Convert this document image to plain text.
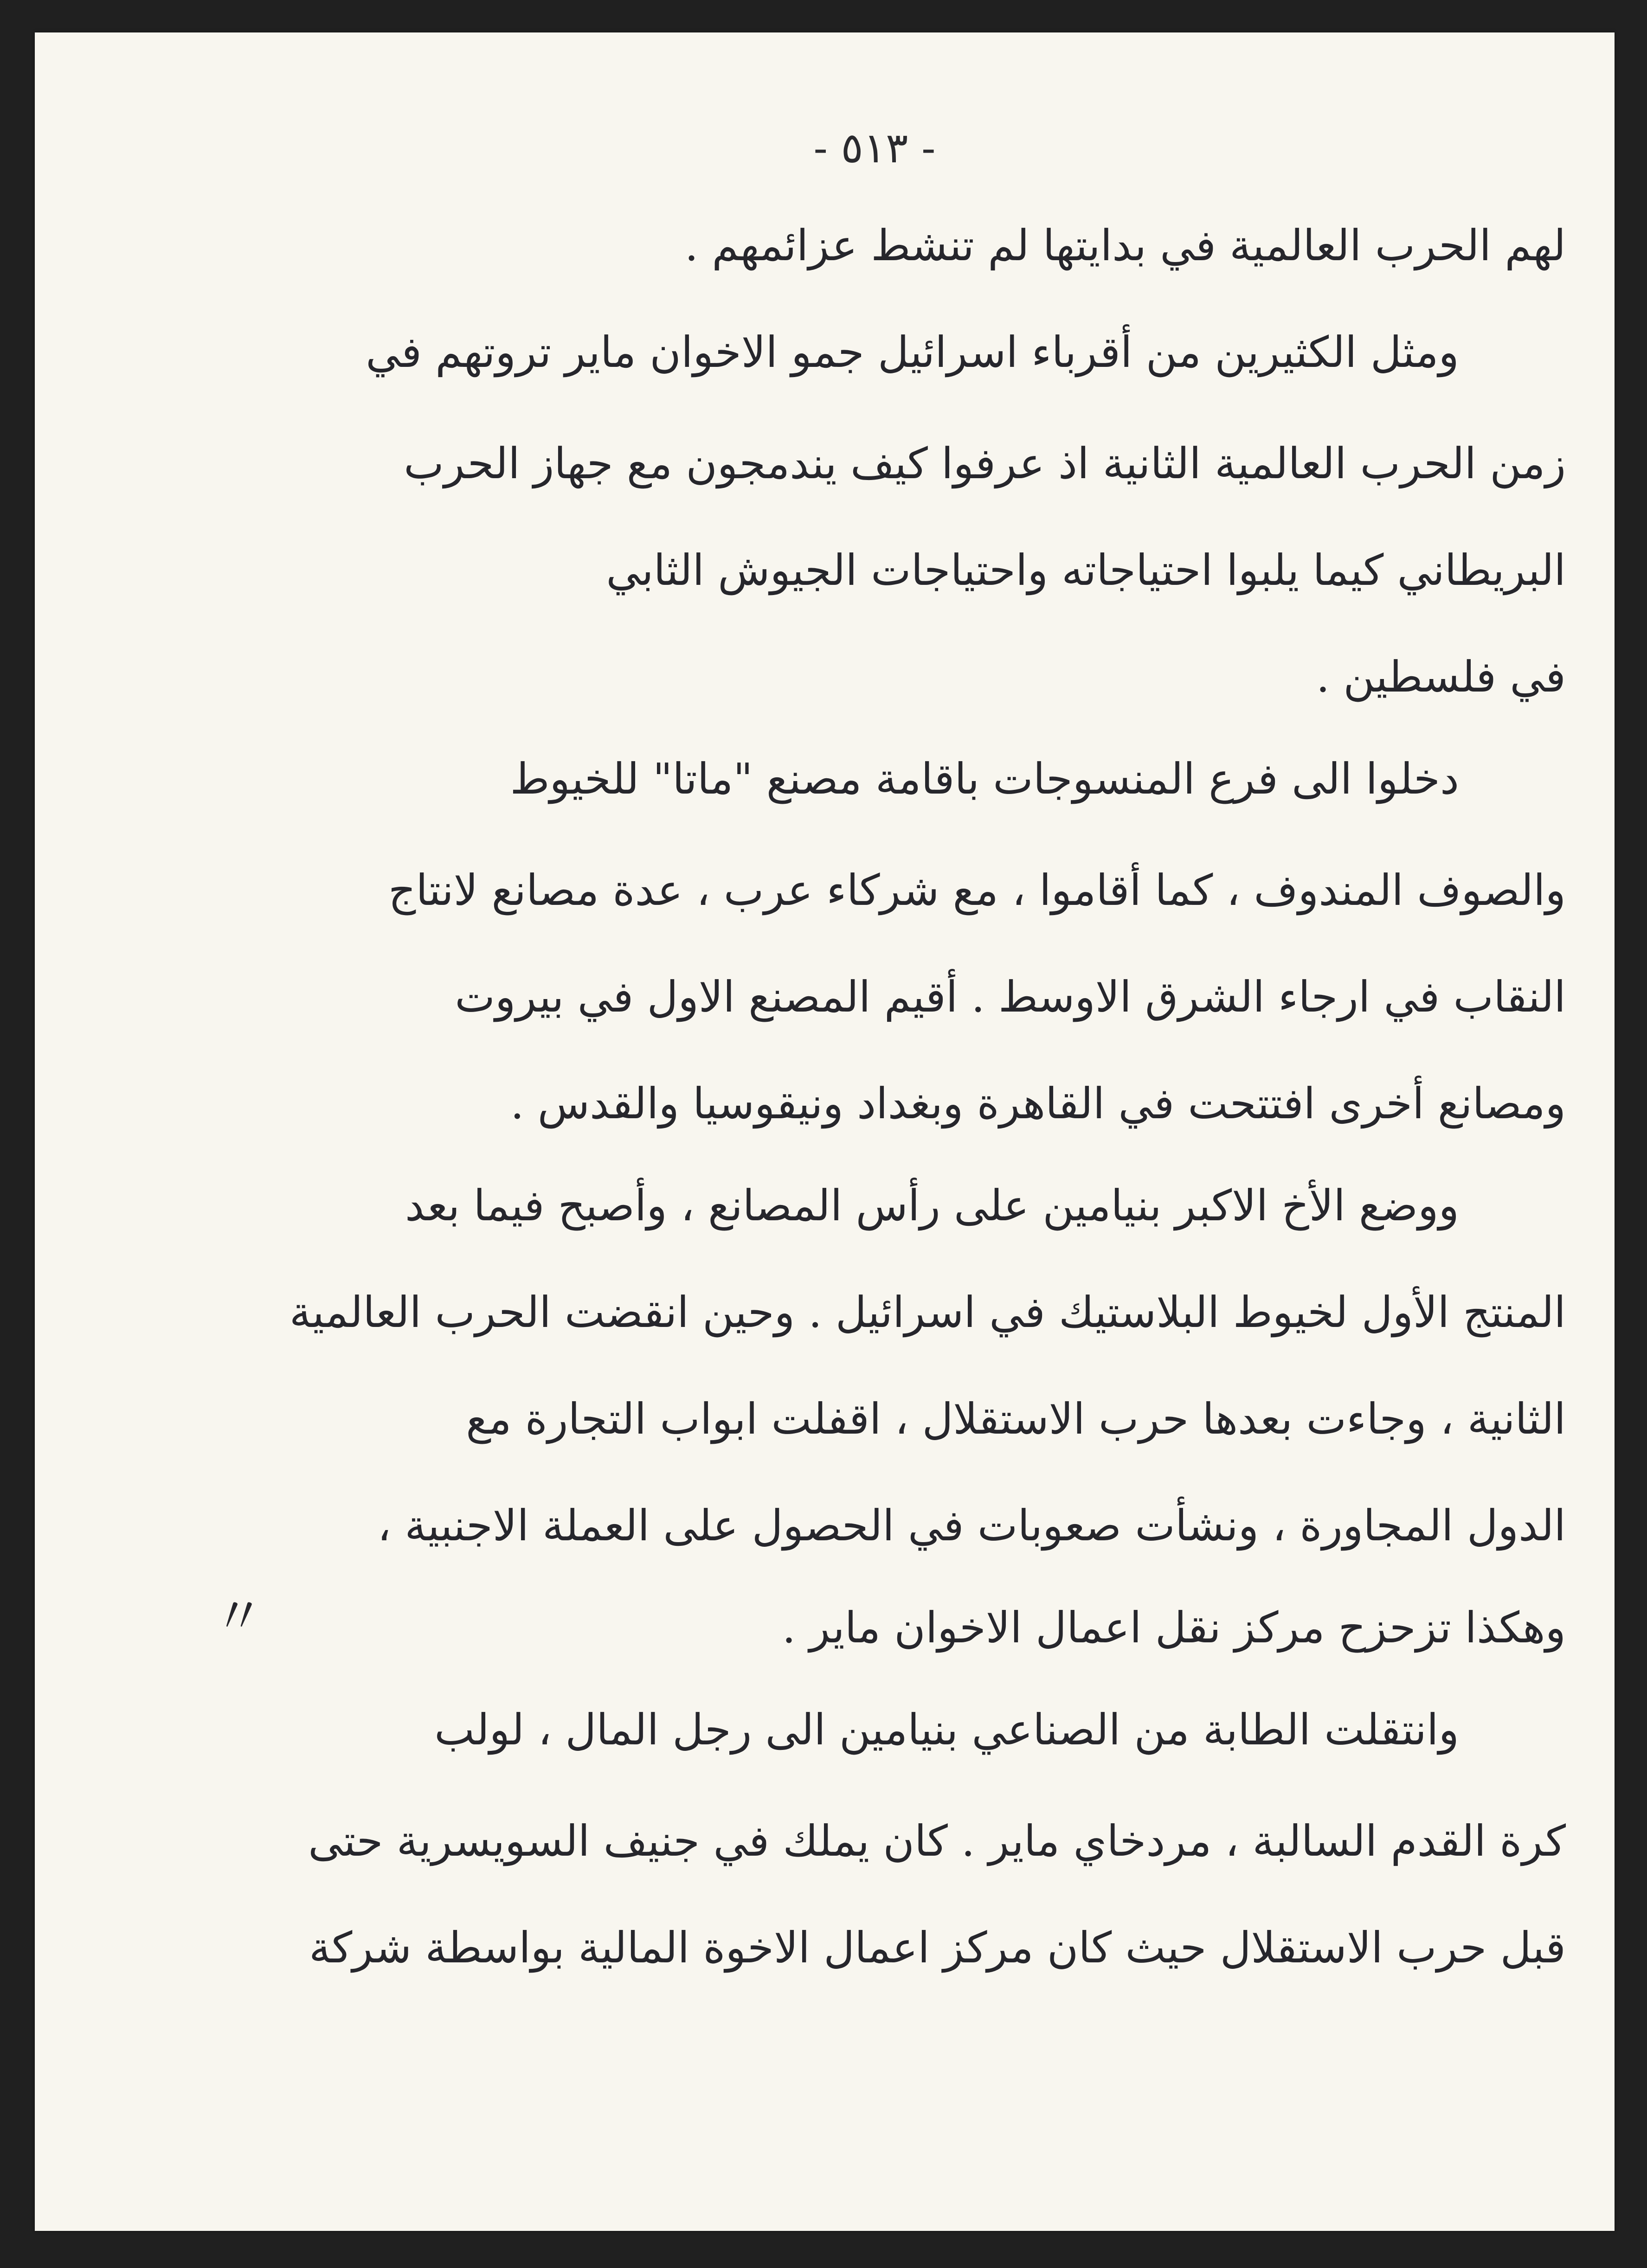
- ٥١٣ -
لهم الحرب العالمية في بدايتها لم تنشط عزائمهم .
ومثل الكثيرين من أقرباء اسرائيل جمو الاخوان ماير تروتهم في
زمن الحرب العالمية الثانية اذ عرفوا كيف يندمجون مع جهاز الحرب
البريطاني كيما يلبوا احتياجاته واحتياجات الجيوش الثابي
في فلسطين .
دخلوا الى فرع المنسوجات باقامة مصنع "ماتا" للخيوط
والصوف المندوف ، كما أقاموا ، مع شركاء عرب ، عدة مصانع لانتاج
النقاب في ارجاء الشرق الاوسط . أقيم المصنع الاول في بيروت
ومصانع أخرى افتتحت في القاهرة وبغداد ونيقوسيا والقدس .
ووضع الأخ الاكبر بنيامين على رأس المصانع ، وأصبح فيما بعد
المنتج الأول لخيوط البلاستيك في اسرائيل . وحين انقضت الحرب العالمية
الثانية ، وجاءت بعدها حرب الاستقلال ، اقفلت ابواب التجارة مع
الدول المجاورة ، ونشأت صعوبات في الحصول على العملة الاجنبية ،
وهكذا تزحزح مركز نقل اعمال الاخوان ماير .
وانتقلت الطابة من الصناعي بنيامين الى رجل المال ، لولب
كرة القدم السالبة ، مردخاي ماير . كان يملك في جنيف السويسرية حتى
قبل حرب الاستقلال حيث كان مركز اعمال الاخوة المالية بواسطة شركة
〃
